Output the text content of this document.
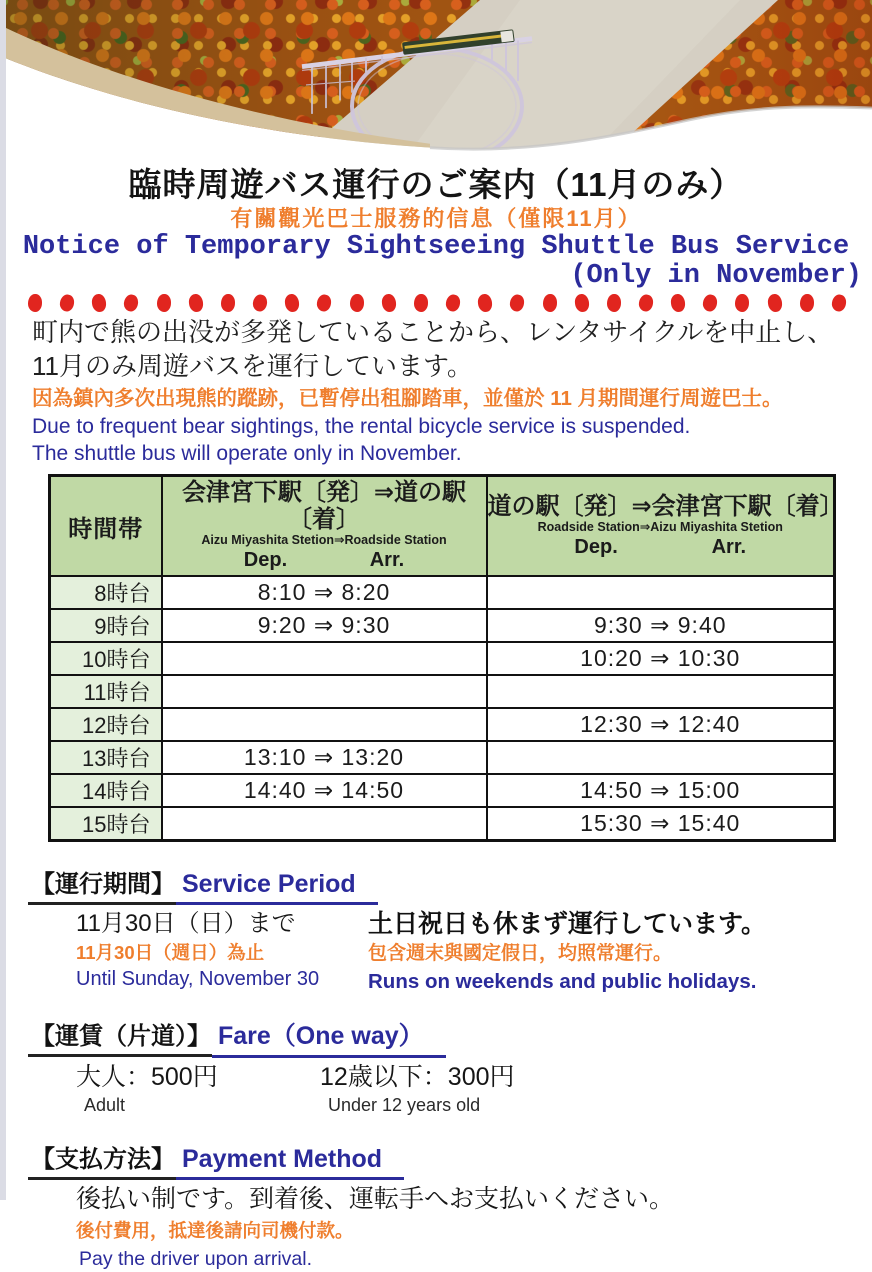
臨時周遊バス運行のご案内（11月のみ）
有關觀光巴士服務的信息（僅限11月）
Notice of Temporary Sightseeing Shuttle Bus Service
(Only in November)
町内で熊の出没が多発していることから、レンタサイクルを中止し、11月のみ周遊バスを運行しています。
因為鎮內多次出現熊的蹤跡，已暫停出租腳踏車，並僅於 11 月期間運行周遊巴士。
Due to frequent bear sightings, the rental bicycle service is suspended.
The shuttle bus will operate only in November.
時間帯	
会津宮下駅〔発〕⇒道の駅〔着〕
Aizu Miyashita Stetion⇒Roadside Station
Dep.	Arr.

道の駅〔発〕⇒会津宮下駅〔着〕
Roadside Station⇒Aizu Miyashita Stetion
Dep.	Arr.

8時台	8:10 ⇒ 8:20	
9時台	9:20 ⇒ 9:30	9:30 ⇒ 9:40
10時台		10:20 ⇒ 10:30
11時台		
12時台		12:30 ⇒ 12:40
13時台	13:10 ⇒ 13:20	
14時台	14:40 ⇒ 14:50	14:50 ⇒ 15:00
15時台		15:30 ⇒ 15:40
【運行期間】 Service Period
11月30日（日）まで
11月30日（週日）為止
Until Sunday, November 30
土日祝日も休まず運行しています。
包含週末與國定假日，均照常運行。
Runs on weekends and public holidays.
【運賃（片道）】 Fare（One way）
大人：500円
Adult
12歳以下：300円
Under 12 years old
【支払方法】 Payment Method
後払い制です。到着後、運転手へお支払いください。
後付費用，抵達後請向司機付款。
Pay the driver upon arrival.
